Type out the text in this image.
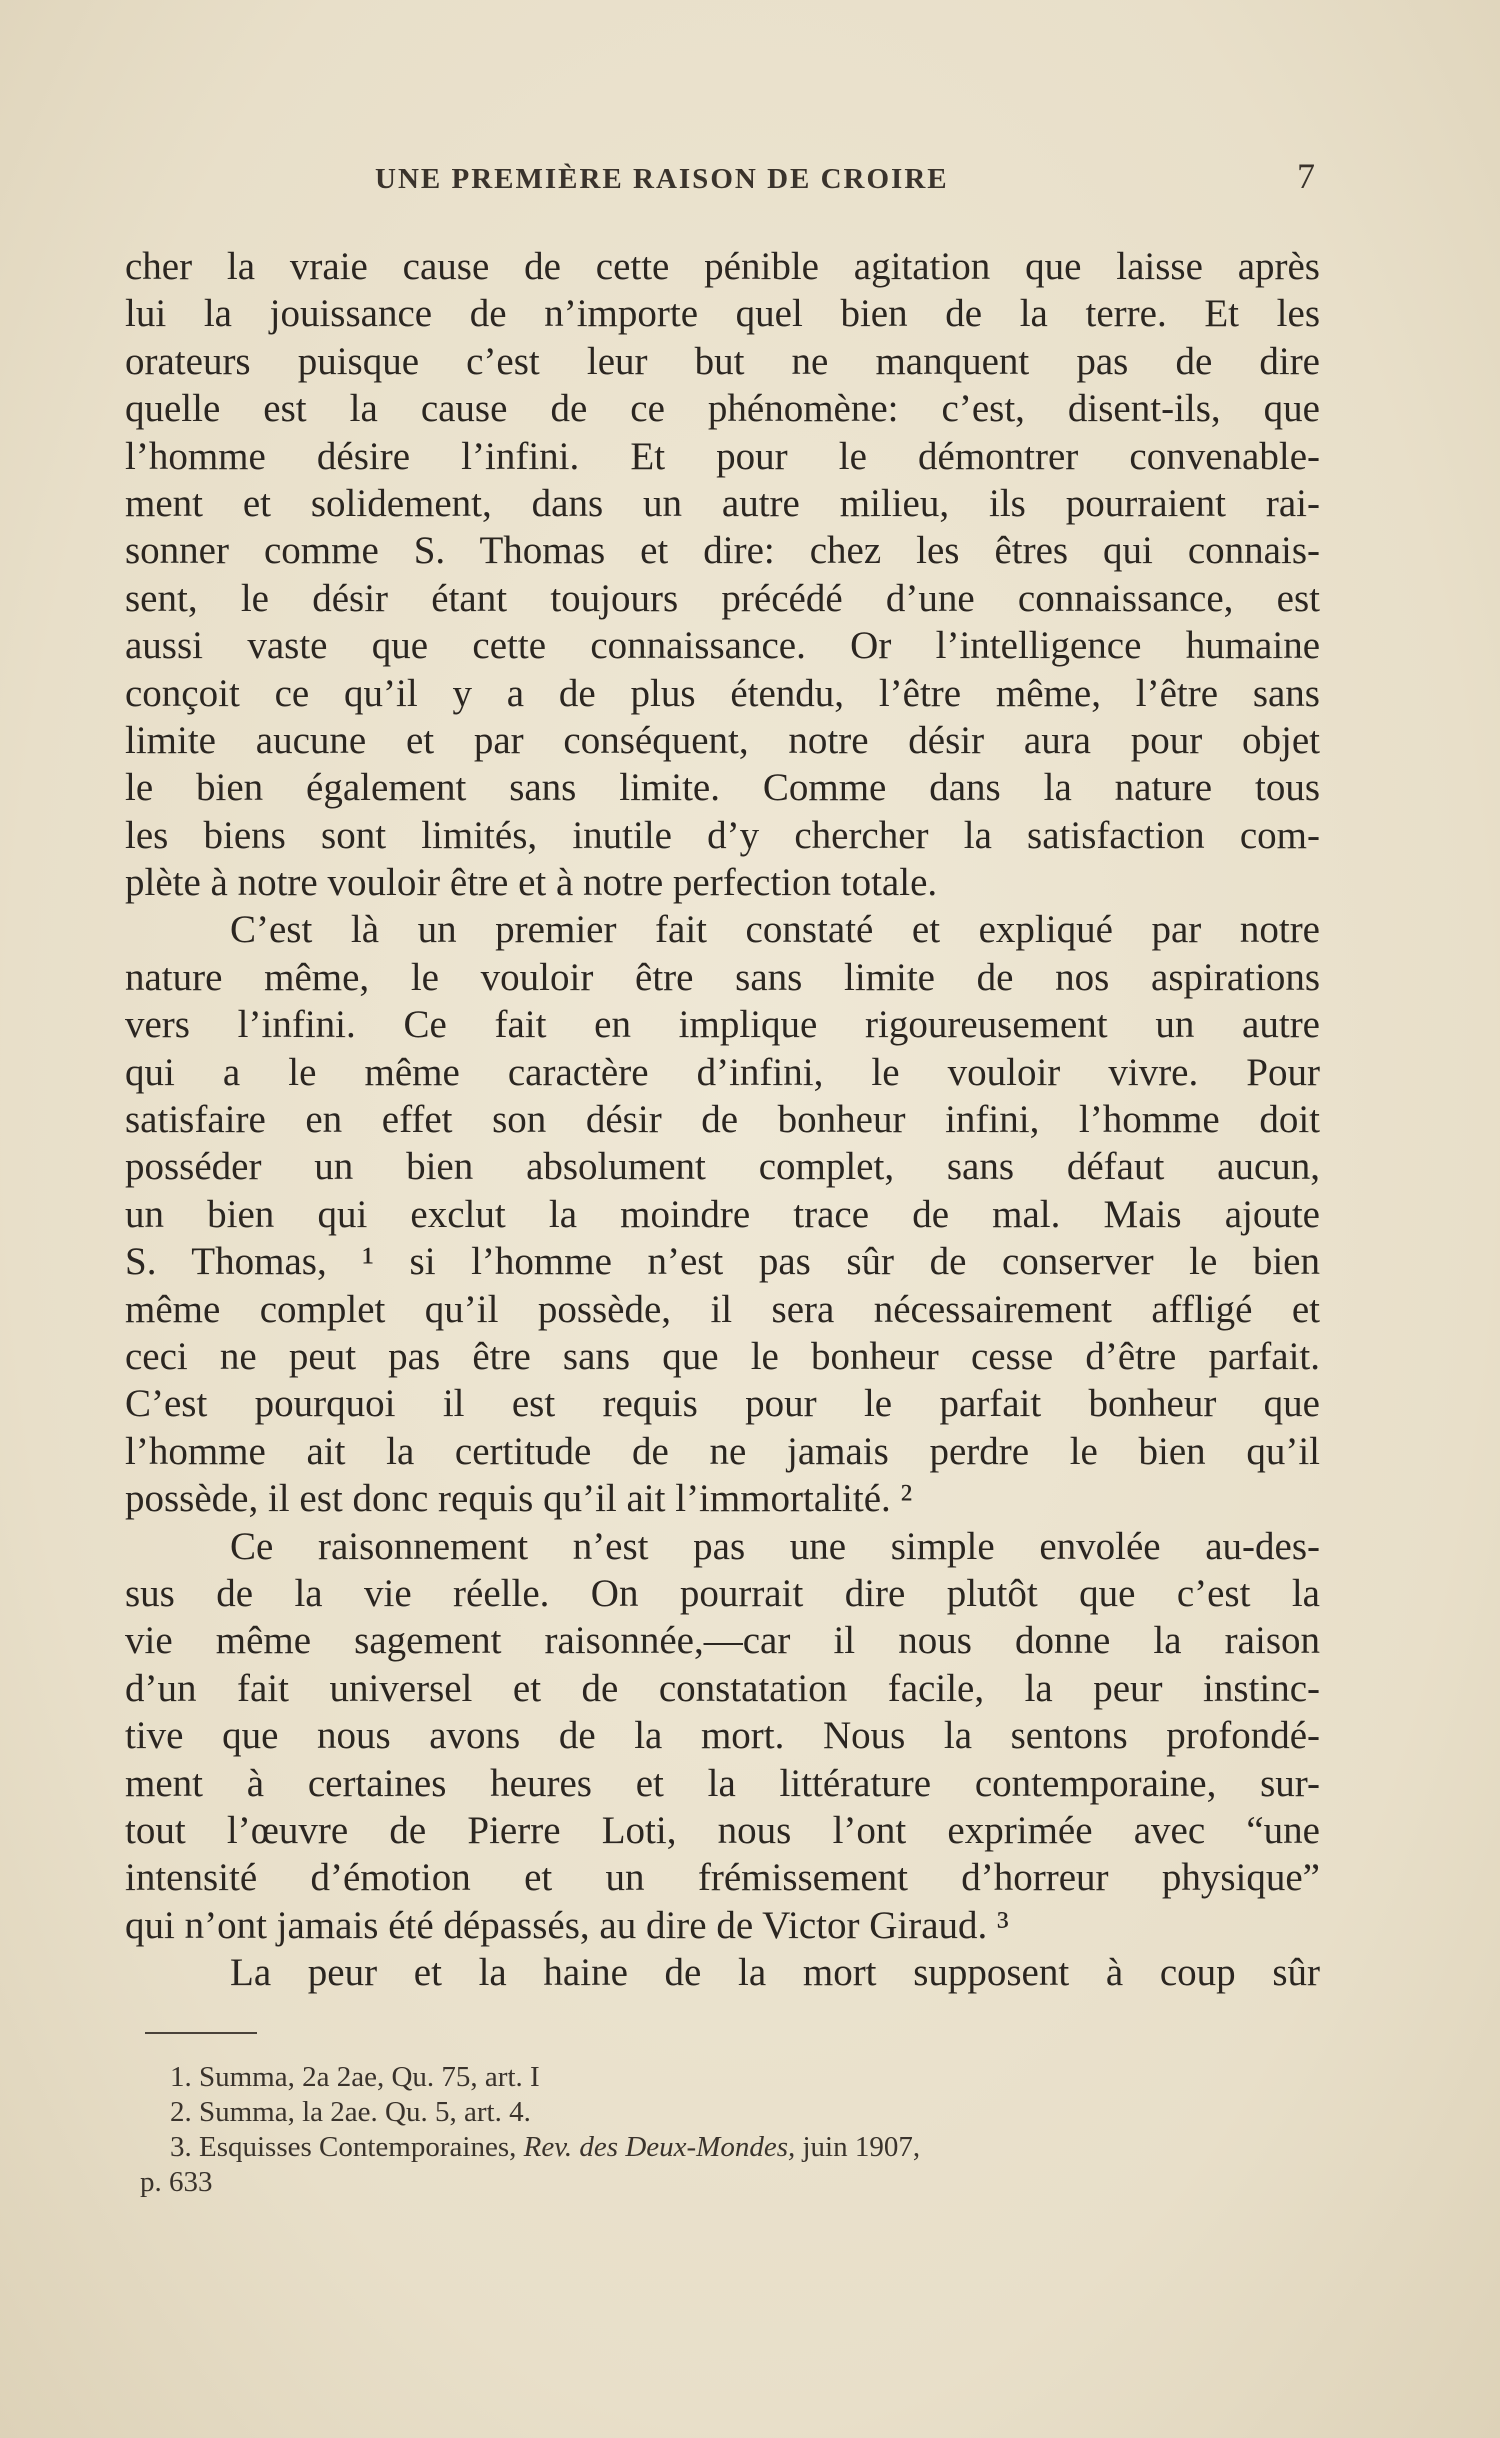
UNE PREMIÈRE RAISON DE CROIRE	7
cher la vraie cause de cette pénible agitation que laisse après
lui la jouissance de n’importe quel bien de la terre. Et les
orateurs puisque c’est leur but ne manquent pas de dire
quelle est la cause de ce phénomène: c’est, disent-ils, que
l’homme désire l’infini. Et pour le démontrer convenable-
ment et solidement, dans un autre milieu, ils pourraient rai-
sonner comme S. Thomas et dire: chez les êtres qui connais-
sent, le désir étant toujours précédé d’une connaissance, est
aussi vaste que cette connaissance. Or l’intelligence humaine
conçoit ce qu’il y a de plus étendu, l’être même, l’être sans
limite aucune et par conséquent, notre désir aura pour objet
le bien également sans limite. Comme dans la nature tous
les biens sont limités, inutile d’y chercher la satisfaction com-
plète à notre vouloir être et à notre perfection totale.
C’est là un premier fait constaté et expliqué par notre
nature même, le vouloir être sans limite de nos aspirations
vers l’infini. Ce fait en implique rigoureusement un autre
qui a le même caractère d’infini, le vouloir vivre. Pour
satisfaire en effet son désir de bonheur infini, l’homme doit
posséder un bien absolument complet, sans défaut aucun,
un bien qui exclut la moindre trace de mal. Mais ajoute
S. Thomas, ¹ si l’homme n’est pas sûr de conserver le bien
même complet qu’il possède, il sera nécessairement affligé et
ceci ne peut pas être sans que le bonheur cesse d’être parfait.
C’est pourquoi il est requis pour le parfait bonheur que
l’homme ait la certitude de ne jamais perdre le bien qu’il
possède, il est donc requis qu’il ait l’immortalité. ²
Ce raisonnement n’est pas une simple envolée au-des-
sus de la vie réelle. On pourrait dire plutôt que c’est la
vie même sagement raisonnée,—car il nous donne la raison
d’un fait universel et de constatation facile, la peur instinc-
tive que nous avons de la mort. Nous la sentons profondé-
ment à certaines heures et la littérature contemporaine, sur-
tout l’œuvre de Pierre Loti, nous l’ont exprimée avec “une
intensité d’émotion et un frémissement d’horreur physique”
qui n’ont jamais été dépassés, au dire de Victor Giraud. ³
La peur et la haine de la mort supposent à coup sûr
1. Summa, 2a 2ae, Qu. 75, art. I
2. Summa, la 2ae. Qu. 5, art. 4.
3. Esquisses Contemporaines, Rev. des Deux-Mondes, juin 1907,
p. 633
